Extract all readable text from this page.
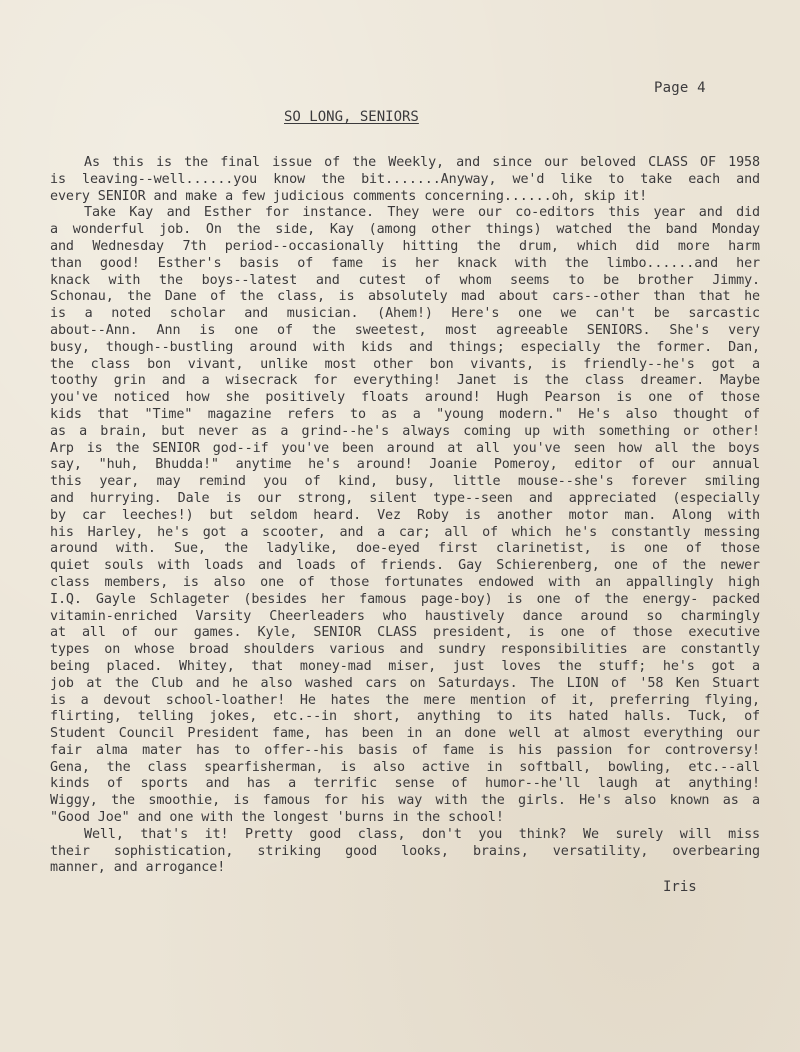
Page 4
SO LONG, SENIORS
As this is the final issue of the Weekly, and since our beloved CLASS OF 1958
is leaving--well......you know the bit.......Anyway, we'd like to take each and
every SENIOR and make a few judicious comments concerning......oh, skip it!
Take Kay and Esther for instance. They were our co-editors this year and did
a wonderful job. On the side, Kay (among other things) watched the band Monday
and Wednesday 7th period--occasionally hitting the drum, which did more harm
than good! Esther's basis of fame is her knack with the limbo......and her
knack with the boys--latest and cutest of whom seems to be brother Jimmy.
Schonau, the Dane of the class, is absolutely mad about cars--other than that he
is a noted scholar and musician. (Ahem!) Here's one we can't be sarcastic
about--Ann. Ann is one of the sweetest, most agreeable SENIORS. She's very
busy, though--bustling around with kids and things; especially the former. Dan,
the class bon vivant, unlike most other bon vivants, is friendly--he's got a
toothy grin and a wisecrack for everything! Janet is the class dreamer. Maybe
you've noticed how she positively floats around! Hugh Pearson is one of those
kids that "Time" magazine refers to as a "young modern." He's also thought of
as a brain, but never as a grind--he's always coming up with something or other!
Arp is the SENIOR god--if you've been around at all you've seen how all the boys
say, "huh, Bhudda!" anytime he's around! Joanie Pomeroy, editor of our annual
this year, may remind you of kind, busy, little mouse--she's forever smiling
and hurrying. Dale is our strong, silent type--seen and appreciated (especially
by car leeches!) but seldom heard. Vez Roby is another motor man. Along with
his Harley, he's got a scooter, and a car; all of which he's constantly messing
around with. Sue, the ladylike, doe-eyed first clarinetist, is one of those
quiet souls with loads and loads of friends. Gay Schierenberg, one of the newer
class members, is also one of those fortunates endowed with an appallingly high
I.Q. Gayle Schlageter (besides her famous page-boy) is one of the energy- packed
vitamin-enriched Varsity Cheerleaders who haustively dance around so charmingly
at all of our games. Kyle, SENIOR CLASS president, is one of those executive
types on whose broad shoulders various and sundry responsibilities are constantly
being placed. Whitey, that money-mad miser, just loves the stuff; he's got a
job at the Club and he also washed cars on Saturdays. The LION of '58 Ken Stuart
is a devout school-loather! He hates the mere mention of it, preferring flying,
flirting, telling jokes, etc.--in short, anything to its hated halls. Tuck, of
Student Council President fame, has been in an done well at almost everything our
fair alma mater has to offer--his basis of fame is his passion for controversy!
Gena, the class spearfisherman, is also active in softball, bowling, etc.--all
kinds of sports and has a terrific sense of humor--he'll laugh at anything!
Wiggy, the smoothie, is famous for his way with the girls. He's also known as a
"Good Joe" and one with the longest 'burns in the school!
Well, that's it! Pretty good class, don't you think? We surely will miss
their sophistication, striking good looks, brains, versatility, overbearing
manner, and arrogance!
Iris
